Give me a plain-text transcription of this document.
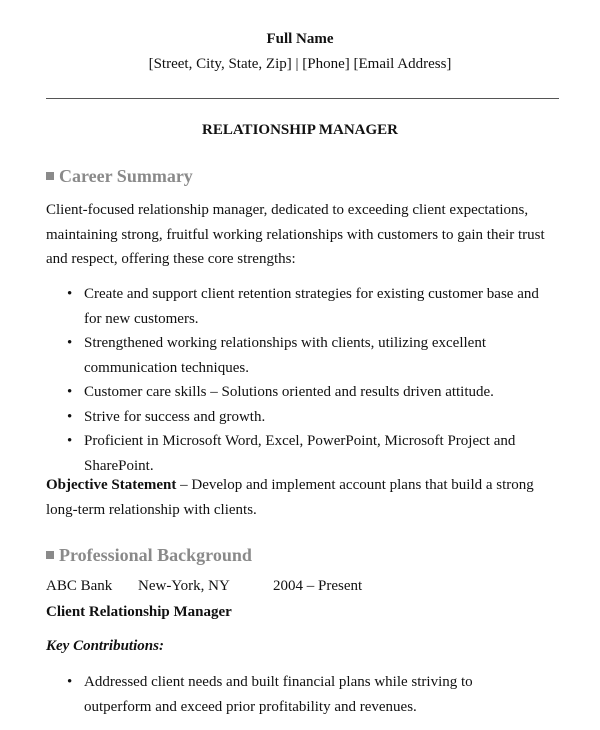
Full Name
[Street, City, State, Zip] | [Phone] [Email Address]
RELATIONSHIP MANAGER
Career Summary
Client-focused relationship manager, dedicated to exceeding client expectations, maintaining strong, fruitful working relationships with customers to gain their trust and respect, offering these core strengths:
• Create and support client retention strategies for existing customer base and for new customers.
• Strengthened working relationships with clients, utilizing excellent communication techniques.
• Customer care skills – Solutions oriented and results driven attitude.
• Strive for success and growth.
• Proficient in Microsoft Word, Excel, PowerPoint, Microsoft Project and SharePoint.
Objective Statement – Develop and implement account plans that build a strong long-term relationship with clients.
Professional Background
ABC Bank New-York, NY	2004 – Present
Client Relationship Manager
Key Contributions:
• Addressed client needs and built financial plans while striving to outperform and exceed prior profitability and revenues.
